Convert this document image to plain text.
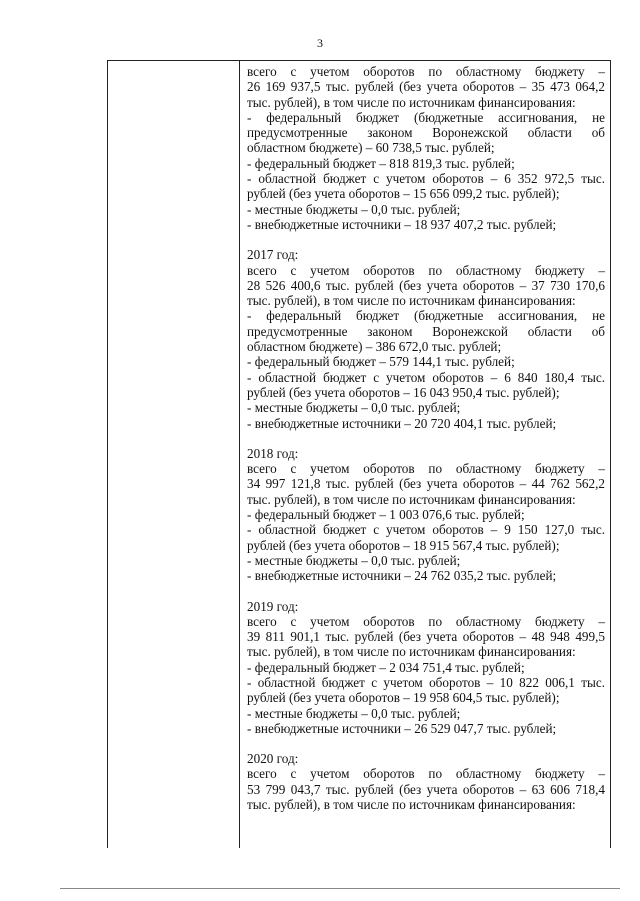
3
всего с учетом оборотов по областному бюджету –
26 169 937,5 тыс. рублей (без учета оборотов – 35 473 064,2
тыс. рублей), в том числе по источникам финансирования:
- федеральный бюджет (бюджетные ассигнования, не
предусмотренные законом Воронежской области об
областном бюджете) – 60 738,5 тыс. рублей;
- федеральный бюджет – 818 819,3 тыс. рублей;
- областной бюджет с учетом оборотов – 6 352 972,5 тыс.
рублей (без учета оборотов – 15 656 099,2 тыс. рублей);
- местные бюджеты – 0,0 тыс. рублей;
- внебюджетные источники – 18 937 407,2 тыс. рублей;
2017 год:
всего с учетом оборотов по областному бюджету –
28 526 400,6 тыс. рублей (без учета оборотов – 37 730 170,6
тыс. рублей), в том числе по источникам финансирования:
- федеральный бюджет (бюджетные ассигнования, не
предусмотренные законом Воронежской области об
областном бюджете) – 386 672,0 тыс. рублей;
- федеральный бюджет – 579 144,1 тыс. рублей;
- областной бюджет с учетом оборотов – 6 840 180,4 тыс.
рублей (без учета оборотов – 16 043 950,4 тыс. рублей);
- местные бюджеты – 0,0 тыс. рублей;
- внебюджетные источники – 20 720 404,1 тыс. рублей;
2018 год:
всего с учетом оборотов по областному бюджету –
34 997 121,8 тыс. рублей (без учета оборотов – 44 762 562,2
тыс. рублей), в том числе по источникам финансирования:
- федеральный бюджет – 1 003 076,6 тыс. рублей;
- областной бюджет с учетом оборотов – 9 150 127,0 тыс.
рублей (без учета оборотов – 18 915 567,4 тыс. рублей);
- местные бюджеты – 0,0 тыс. рублей;
- внебюджетные источники – 24 762 035,2 тыс. рублей;
2019 год:
всего с учетом оборотов по областному бюджету –
39 811 901,1 тыс. рублей (без учета оборотов – 48 948 499,5
тыс. рублей), в том числе по источникам финансирования:
- федеральный бюджет – 2 034 751,4 тыс. рублей;
- областной бюджет с учетом оборотов – 10 822 006,1 тыс.
рублей (без учета оборотов – 19 958 604,5 тыс. рублей);
- местные бюджеты – 0,0 тыс. рублей;
- внебюджетные источники – 26 529 047,7 тыс. рублей;
2020 год:
всего с учетом оборотов по областному бюджету –
53 799 043,7 тыс. рублей (без учета оборотов – 63 606 718,4
тыс. рублей), в том числе по источникам финансирования:
